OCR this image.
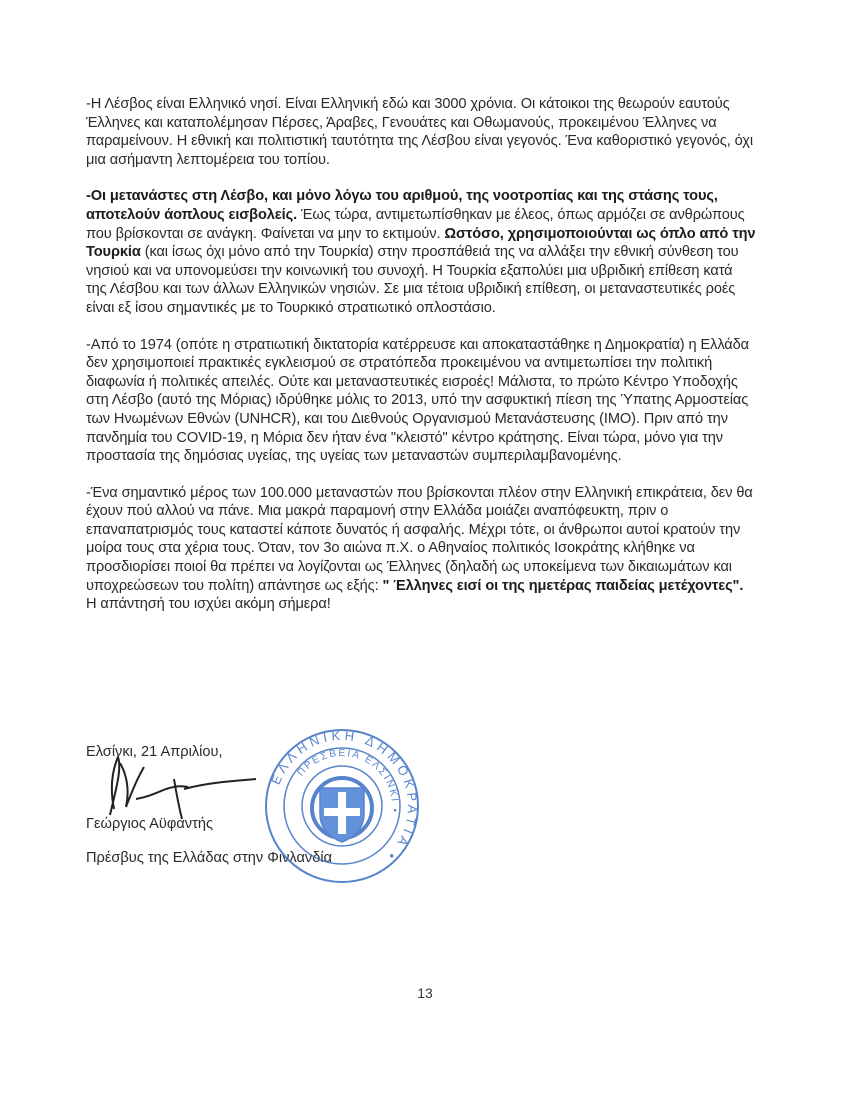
-Η Λέσβος είναι Ελληνικό νησί. Είναι Ελληνική εδώ και 3000 χρόνια. Οι κάτοικοι της θεωρούν εαυτούς Έλληνες και καταπολέμησαν Πέρσες, Άραβες, Γενουάτες και Οθωμανούς, προκειμένου Έλληνες να παραμείνουν. Η εθνική και πολιτιστική ταυτότητα της Λέσβου είναι γεγονός. Ένα καθοριστικό γεγονός, όχι μια ασήμαντη λεπτομέρεια του τοπίου.

-Οι μετανάστες στη Λέσβο, και μόνο λόγω του αριθμού, της νοοτροπίας και της στάσης τους, αποτελούν άοπλους εισβολείς. Έως τώρα, αντιμετωπίσθηκαν με έλεος, όπως αρμόζει σε ανθρώπους που βρίσκονται σε ανάγκη. Φαίνεται να μην το εκτιμούν. Ωστόσο, χρησιμοποιούνται ως όπλο από την Τουρκία (και ίσως όχι μόνο από την Τουρκία) στην προσπάθειά της να αλλάξει την εθνική σύνθεση του νησιού και να υπονομεύσει την κοινωνική του συνοχή. Η Τουρκία εξαπολύει μια υβριδική επίθεση κατά της Λέσβου και των άλλων Ελληνικών νησιών. Σε μια τέτοια υβριδική επίθεση, οι μεταναστευτικές ροές είναι εξ ίσου σημαντικές με το Τουρκικό στρατιωτικό οπλοστάσιο.

-Από το 1974 (οπότε η στρατιωτική δικτατορία κατέρρευσε και αποκαταστάθηκε η Δημοκρατία) η Ελλάδα δεν χρησιμοποιεί πρακτικές εγκλεισμού σε στρατόπεδα προκειμένου να αντιμετωπίσει την πολιτική διαφωνία ή πολιτικές απειλές. Ούτε και μεταναστευτικές εισροές! Μάλιστα, το πρώτο Κέντρο Υποδοχής στη Λέσβο (αυτό της Μόριας) ιδρύθηκε μόλις το 2013, υπό την ασφυκτική πίεση της Ύπατης Αρμοστείας των Ηνωμένων Εθνών (UNHCR), και του Διεθνούς Οργανισμού Μετανάστευσης (IMO). Πριν από την πανδημία του COVID-19, η Μόρια δεν ήταν ένα "κλειστό" κέντρο κράτησης. Είναι τώρα, μόνο για την προστασία της δημόσιας υγείας, της υγείας των μεταναστών συμπεριλαμβανομένης.

-Ένα σημαντικό μέρος των 100.000 μεταναστών που βρίσκονται πλέον στην Ελληνική επικράτεια, δεν θα έχουν πού αλλού να πάνε. Μια μακρά παραμονή στην Ελλάδα μοιάζει αναπόφευκτη, πριν ο επαναπατρισμός τους καταστεί κάποτε δυνατός ή ασφαλής. Μέχρι τότε, οι άνθρωποι αυτοί κρατούν την μοίρα τους στα χέρια τους. Όταν, τον 3ο αιώνα π.Χ. ο Αθηναίος πολιτικός Ισοκράτης κλήθηκε να προσδιορίσει ποιοί θα πρέπει να λογίζονται ως Έλληνες (δηλαδή ως υποκείμενα των δικαιωμάτων και υποχρεώσεων του πολίτη) απάντησε ως εξής: " Έλληνες εισί οι της ημετέρας παιδείας μετέχοντες". Η απάντησή του ισχύει ακόμη σήμερα!

Ελσίνκι, 21 Απριλίου,
Γεώργιος Αϋφαντής
Πρέσβυς της Ελλάδας στην Φινλανδία
ΕΛΛΗΝΙΚΗ ΔΗΜΟΚΡΑΤΙΑ •
ΠΡΕΣΒΕΙΑ ΕΛΣΙΝΚΙ •
13
